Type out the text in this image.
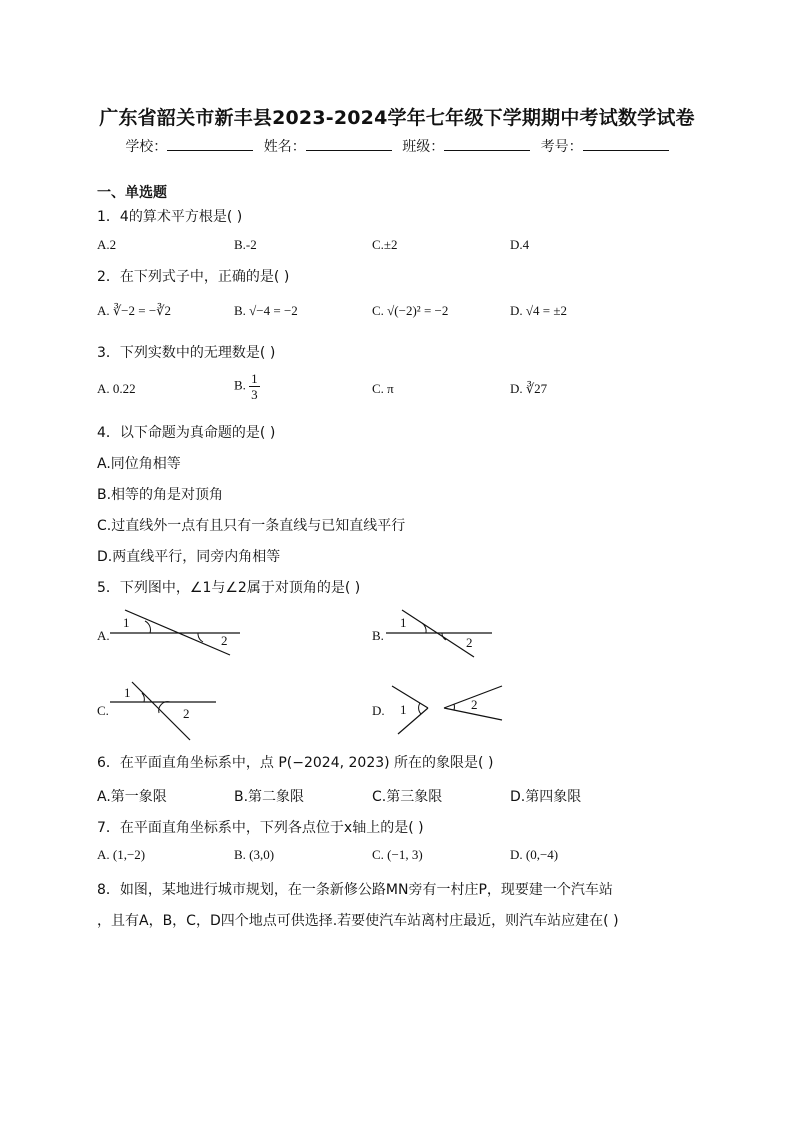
广东省韶关市新丰县2023-2024学年七年级下学期期中考试数学试卷
学校：	姓名：	班级：	考号：
一、单选题
1．4的算术平方根是( )
A.2	B.-2	C.±2	D.4
2．在下列式子中，正确的是( )
A. ∛−2 = −∛2	B. √−4 = −2	C. √(−2)² = −2	D. √4 = ±2
3．下列实数中的无理数是( )
A. 0.22	B. $\frac{1}{3}$	C. π	D. ∛27
4．以下命题为真命题的是( )
A.同位角相等
B.相等的角是对顶角
C.过直线外一点有且只有一条直线与已知直线平行
D.两直线平行，同旁内角相等
5．下列图中，∠1与∠2属于对顶角的是( )
A.
1
2	B.
1
2
C.
1
2	D. 1	2
6．在平面直角坐标系中，点 P(−2024, 2023) 所在的象限是( )
A.第一象限	B.第二象限	C.第三象限	D.第四象限
7．在平面直角坐标系中，下列各点位于x轴上的是( )
A. (1,−2)	B. (3,0)	C. (−1, 3)	D. (0,−4)
8．如图，某地进行城市规划，在一条新修公路MN旁有一村庄P，现要建一个汽车站
，且有A，B，C，D四个地点可供选择.若要使汽车站离村庄最近，则汽车站应建在( )
